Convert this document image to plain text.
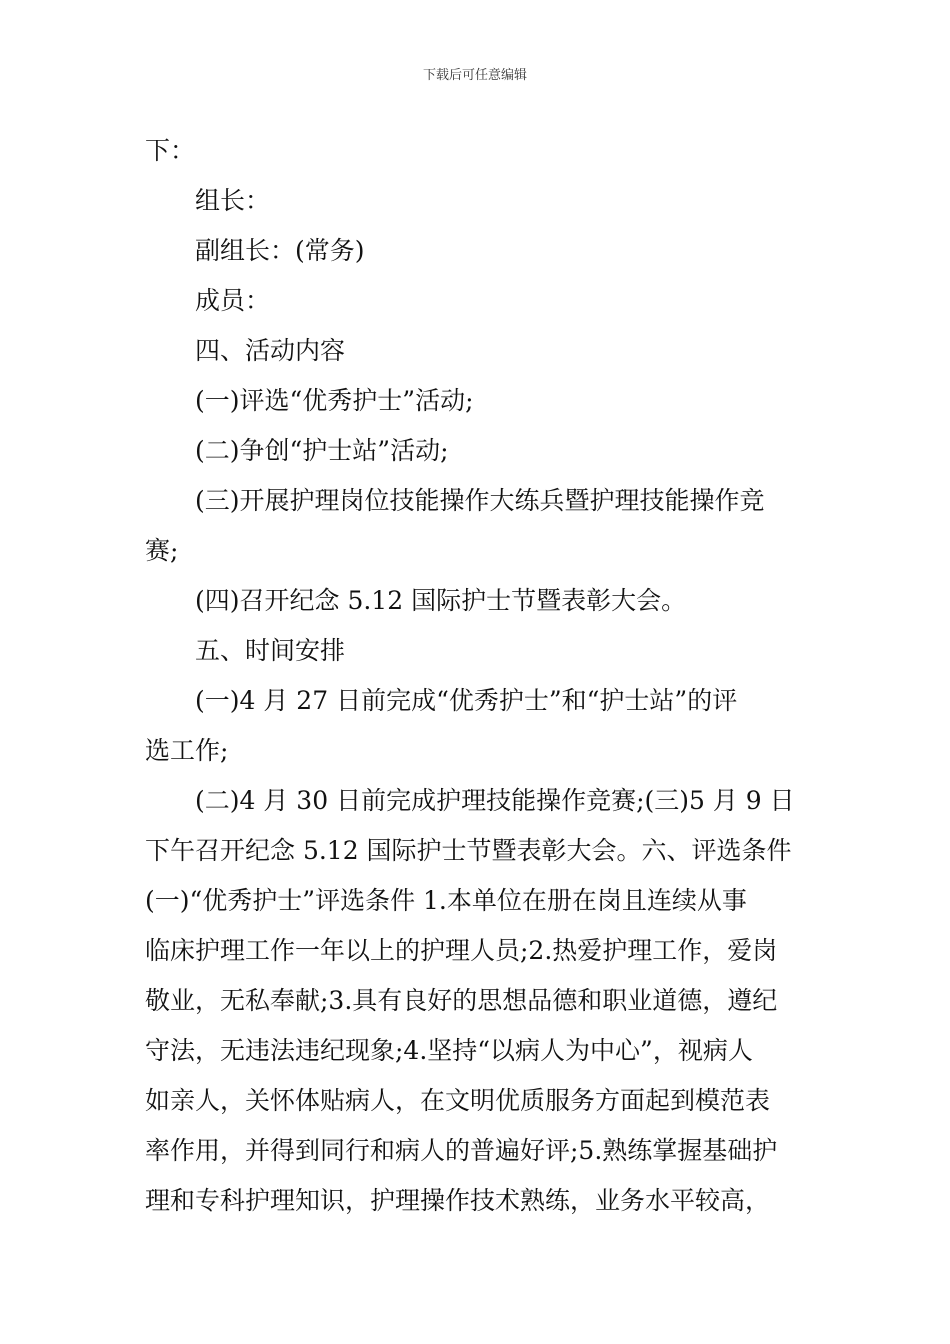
下载后可任意编辑
下：
组长：
副组长：(常务)
成员：
四、活动内容
(一)评选“优秀护士”活动;
(二)争创“护士站”活动;
(三)开展护理岗位技能操作大练兵暨护理技能操作竞
赛;
(四)召开纪念 5.12 国际护士节暨表彰大会。
五、时间安排
(一)4 月 27 日前完成“优秀护士”和“护士站”的评
选工作;
(二)4 月 30 日前完成护理技能操作竞赛;(三)5 月 9 日
下午召开纪念 5.12 国际护士节暨表彰大会。六、评选条件
(一)“优秀护士”评选条件 1.本单位在册在岗且连续从事
临床护理工作一年以上的护理人员;2.热爱护理工作，爱岗
敬业，无私奉献;3.具有良好的思想品德和职业道德，遵纪
守法，无违法违纪现象;4.坚持“以病人为中心”，视病人
如亲人，关怀体贴病人，在文明优质服务方面起到模范表
率作用，并得到同行和病人的普遍好评;5.熟练掌握基础护
理和专科护理知识，护理操作技术熟练，业务水平较高，
